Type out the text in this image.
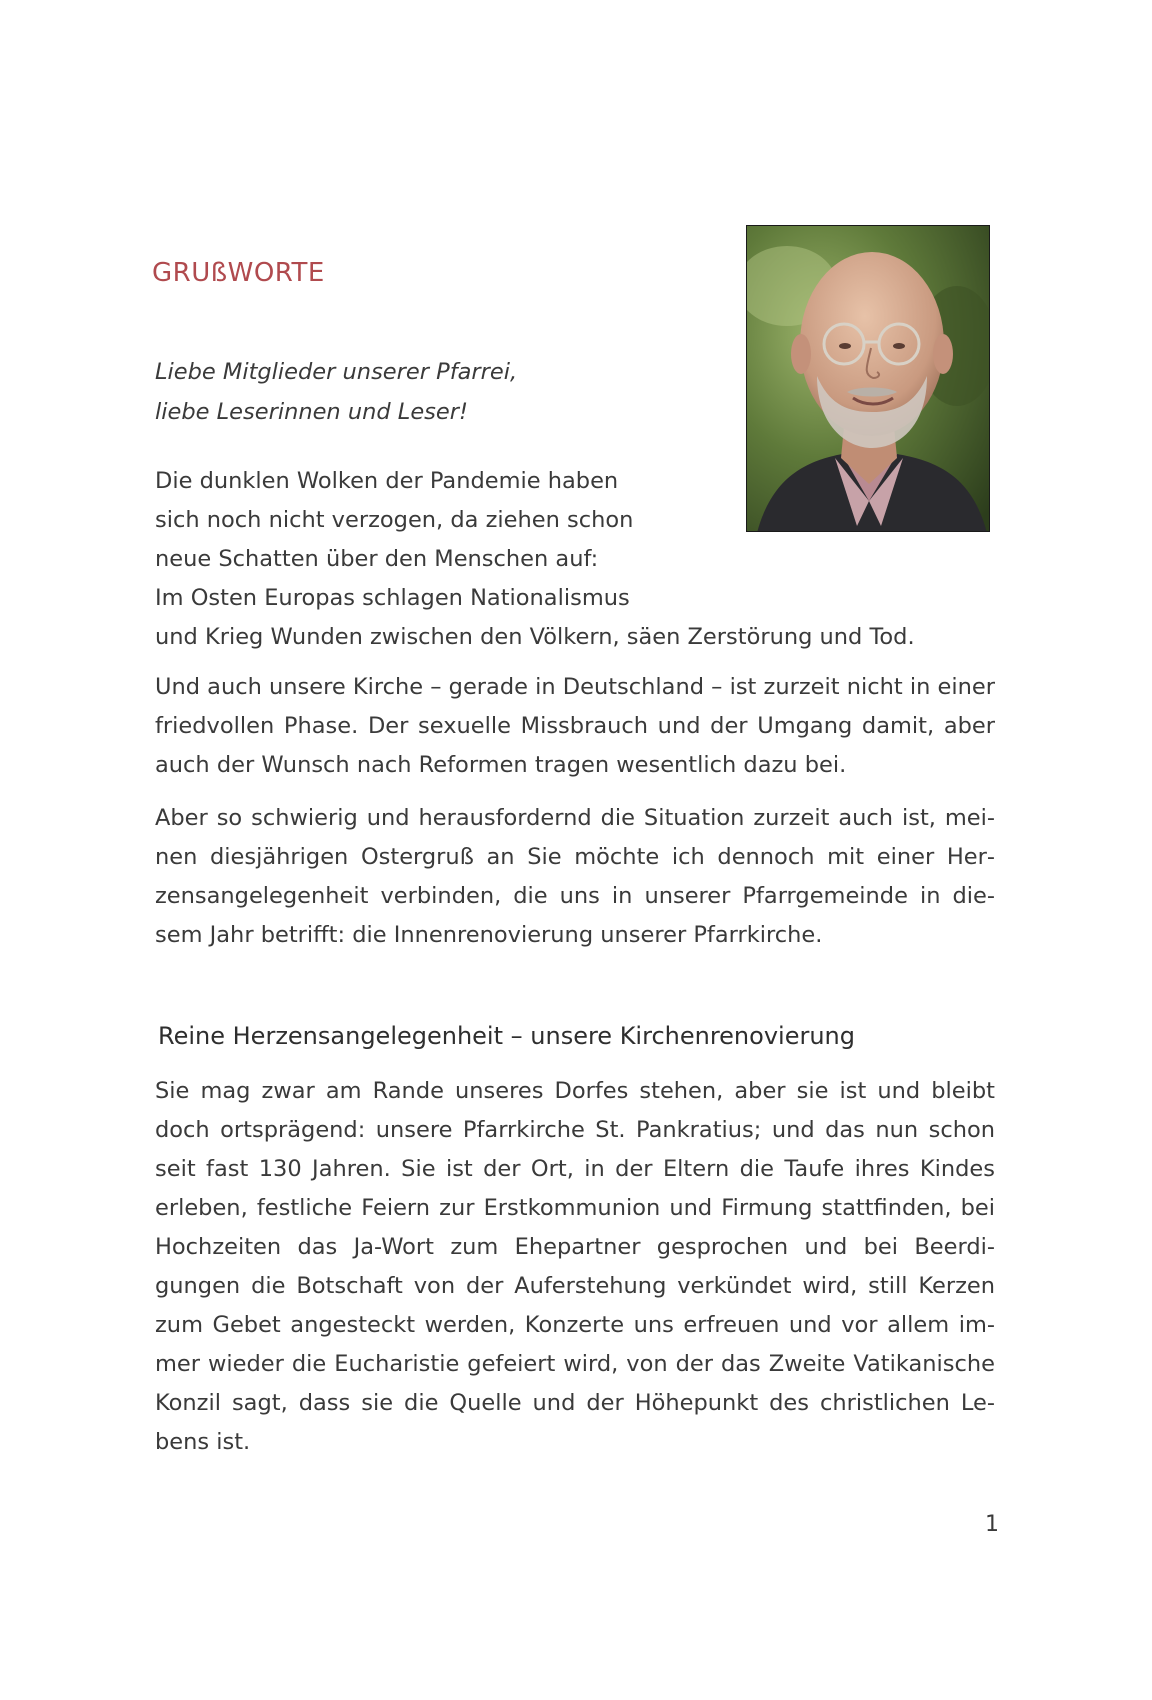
GRUßWORTE
Liebe Mitglieder unserer Pfarrei,
liebe Leserinnen und Leser!
Die dunklen Wolken der Pandemie haben
sich noch nicht verzogen, da ziehen schon
neue Schatten über den Menschen auf:
Im Osten Europas schlagen Nationalismus
und Krieg Wunden zwischen den Völkern, säen Zerstörung und Tod.

Und auch unsere Kirche – gerade in Deutschland – ist zurzeit nicht in einer friedvollen Phase. Der sexuelle Missbrauch und der Umgang damit, aber auch der Wunsch nach Reformen tragen wesentlich dazu bei.

Aber so schwierig und herausfordernd die Situation zurzeit auch ist, meinen diesjährigen Ostergruß an Sie möchte ich dennoch mit einer Herzensangelegenheit verbinden, die uns in unserer Pfarrgemeinde in diesem Jahr betrifft: die Innenrenovierung unserer Pfarrkirche.

Reine Herzensangelegenheit – unsere Kirchenrenovierung

Sie mag zwar am Rande unseres Dorfes stehen, aber sie ist und bleibt doch ortsprägend: unsere Pfarrkirche St. Pankratius; und das nun schon seit fast 130 Jahren. Sie ist der Ort, in der Eltern die Taufe ihres Kindes erleben, festliche Feiern zur Erstkommunion und Firmung stattfinden, bei Hochzeiten das Ja-Wort zum Ehepartner gesprochen und bei Beerdigungen die Botschaft von der Auferstehung verkündet wird, still Kerzen zum Gebet angesteckt werden, Konzerte uns erfreuen und vor allem immer wieder die Eucharistie gefeiert wird, von der das Zweite Vatikanische Konzil sagt, dass sie die Quelle und der Höhepunkt des christlichen Lebens ist.

1
